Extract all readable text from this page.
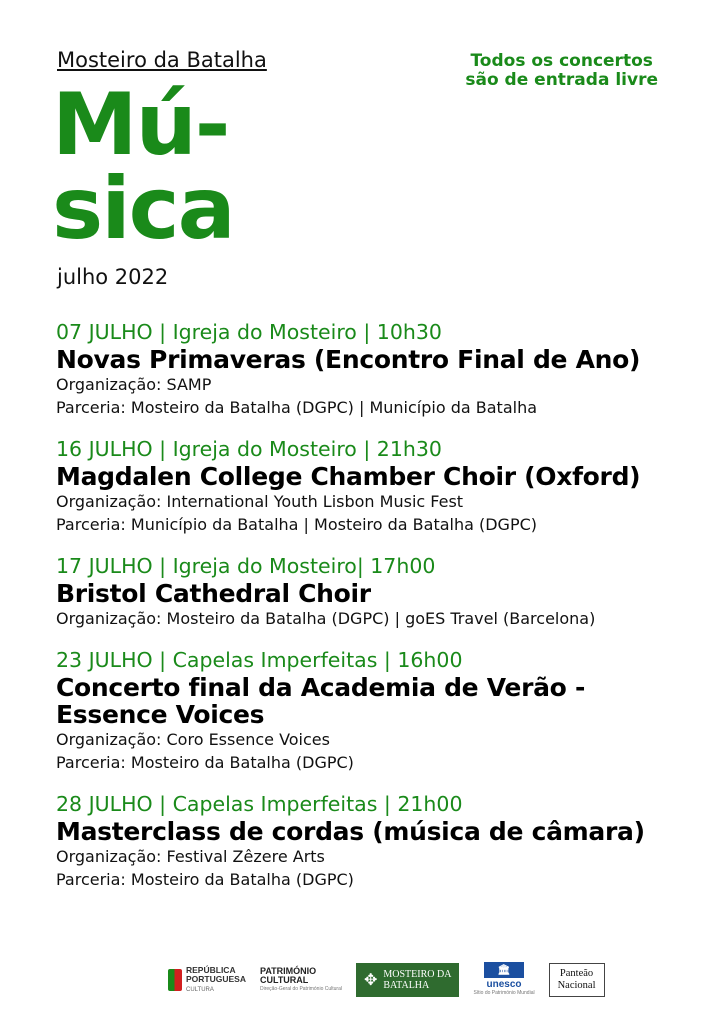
Mosteiro da Batalha	Todos os concertos
são de entrada livre
Mú-
sica
julho 2022
07 JULHO | Igreja do Mosteiro | 10h30
Novas Primaveras (Encontro Final de Ano)
Organização: SAMP
Parceria: Mosteiro da Batalha (DGPC) | Município da Batalha
16 JULHO | Igreja do Mosteiro | 21h30
Magdalen College Chamber Choir (Oxford)
Organização: International Youth Lisbon Music Fest
Parceria: Município da Batalha | Mosteiro da Batalha (DGPC)
17 JULHO | Igreja do Mosteiro| 17h00
Bristol Cathedral Choir
Organização: Mosteiro da Batalha (DGPC) | goES Travel (Barcelona)
23 JULHO | Capelas Imperfeitas | 16h00
Concerto final da Academia de Verão -
Essence Voices
Organização: Coro Essence Voices
Parceria: Mosteiro da Batalha (DGPC)
28 JULHO | Capelas Imperfeitas | 21h00
Masterclass de cordas (música de câmara)
Organização: Festival Zêzere Arts
Parceria: Mosteiro da Batalha (DGPC)
REPÚBLICA
PORTUGUESA
CULTURA
PATRIMÓNIO
CULTURAL
Direção-Geral do Património Cultural ✥ MOSTEIRO DA
BATALHA
🏛
unesco
Sítio do Património Mundial
Panteão
Nacional
